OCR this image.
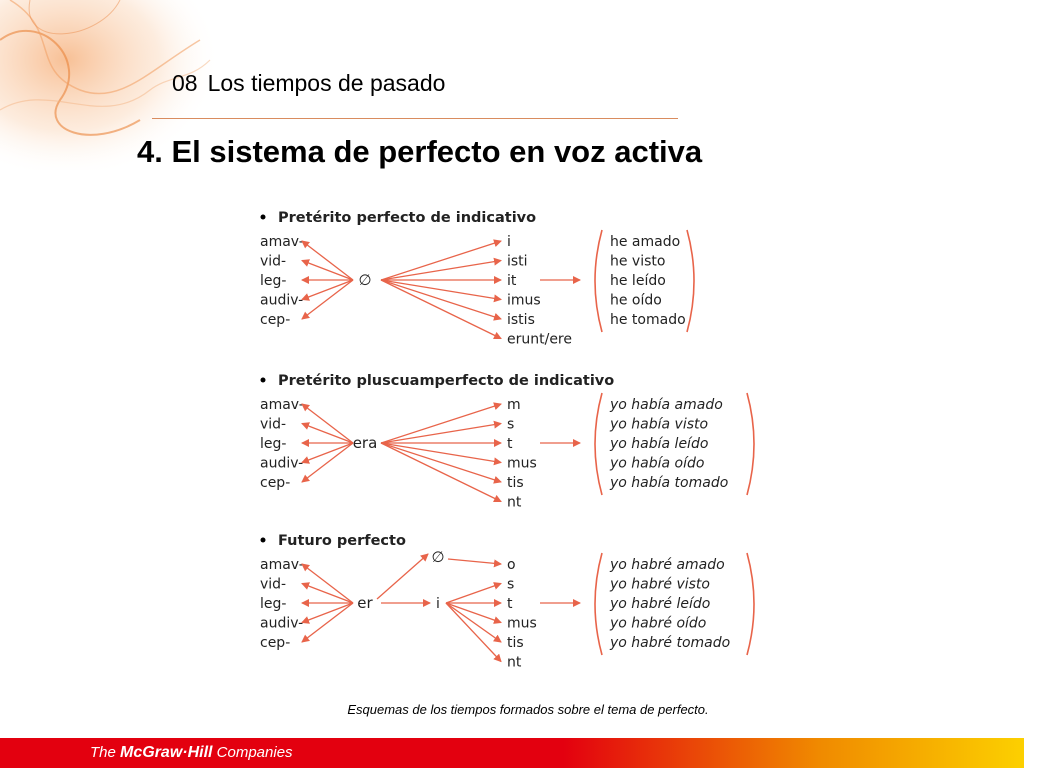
08 Los tiempos de pasado
4. El sistema de perfecto en voz activa
Pretérito perfecto de indicativo
amav-
vid-
leg-
audiv-
cep-
∅
i
isti
it
imus
istis
erunt/ere
he amado
he visto
he leído
he oído
he tomado
Pretérito pluscuamperfecto de indicativo
amav-
vid-
leg-
audiv-
cep-
era
m
s
t
mus
tis
nt
yo había amado
yo había visto
yo había leído
yo había oído
yo había tomado
Futuro perfecto
amav-
vid-
leg-
audiv-
cep-
er
∅
i
o
s
t
mus
tis
nt
yo habré amado
yo habré visto
yo habré leído
yo habré oído
yo habré tomado
Esquemas de los tiempos formados sobre el tema de perfecto.
The McGraw·Hill Companies
